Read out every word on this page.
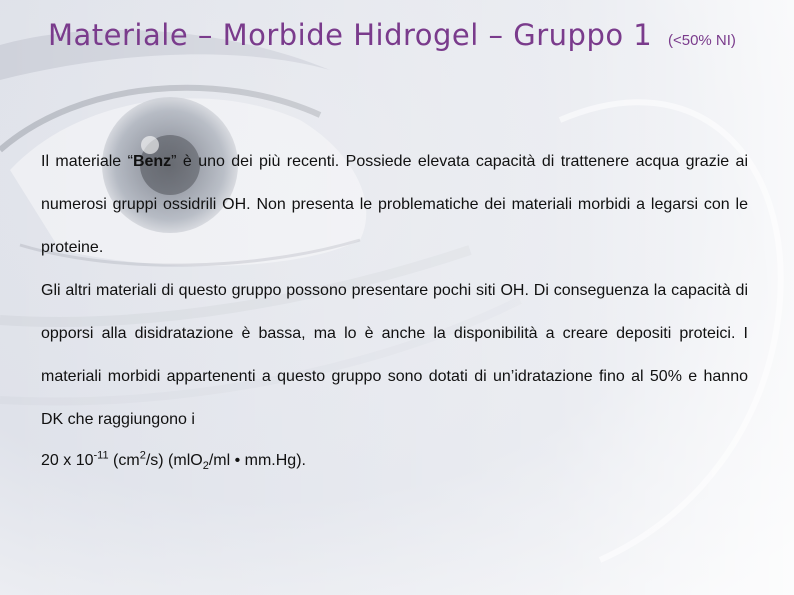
Materiale – Morbide Hidrogel – Gruppo 1 (<50% NI)

Il materiale “Benz” è uno dei più recenti. Possiede elevata capacità di trattenere acqua grazie ai numerosi gruppi ossidrili OH. Non presenta le problematiche dei materiali morbidi a legarsi con le proteine.

Gli altri materiali di questo gruppo possono presentare pochi siti OH. Di conseguenza la capacità di opporsi alla disidratazione è bassa, ma lo è anche la disponibilità a creare depositi proteici. I materiali morbidi appartenenti a questo gruppo sono dotati di un’idratazione fino al 50% e hanno DK che raggiungono i

20 x $10^{-11}$ $(cm^2/s)$ (mlO$_2$/ml • mm.Hg).
